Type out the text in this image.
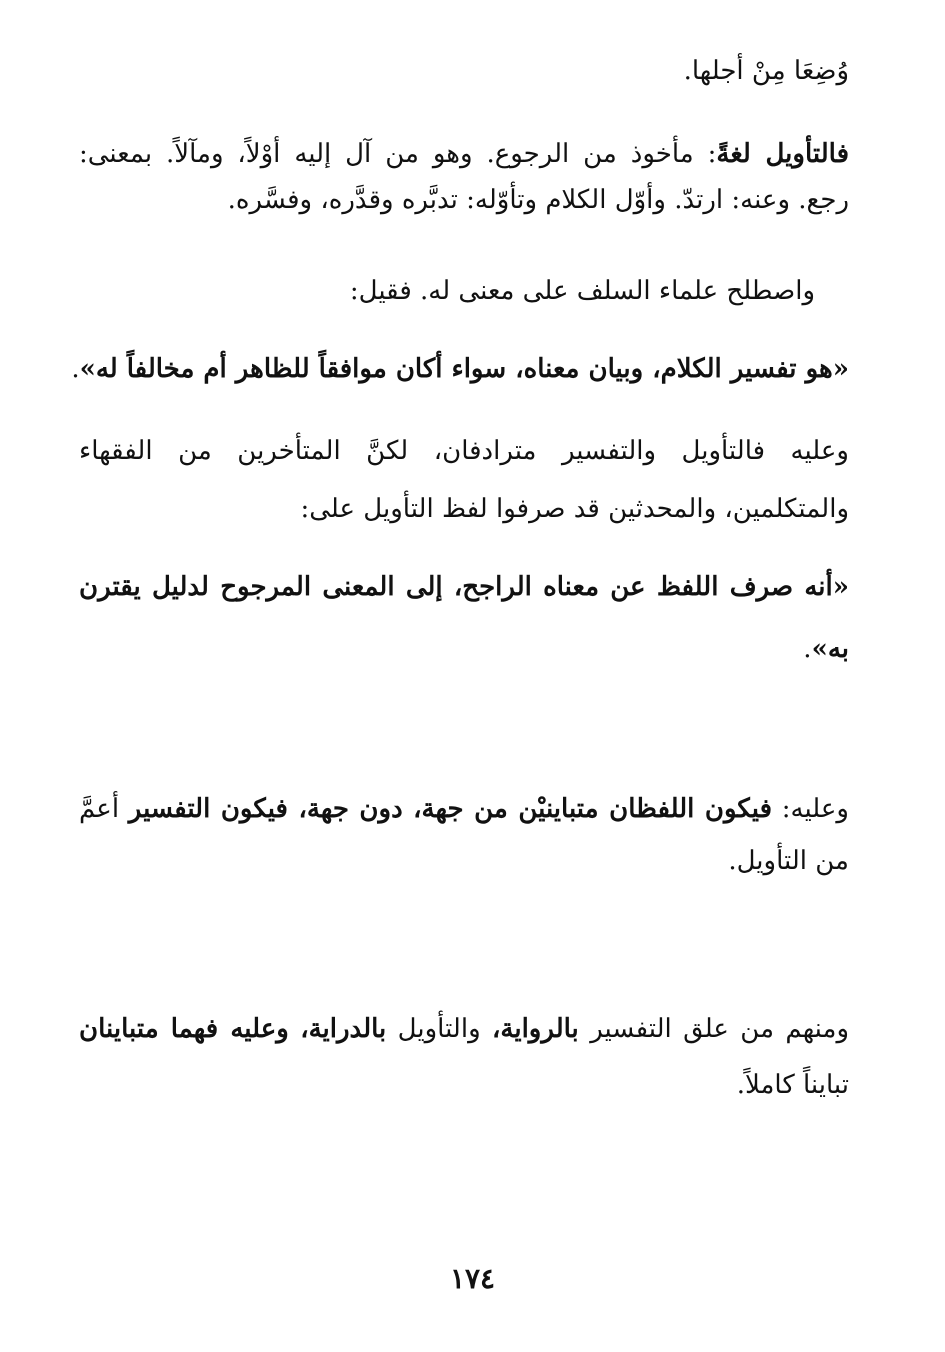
وُضِعَا مِنْ أجلها.

فالتأويل لغةً: مأخوذ من الرجوع. وهو من آل إليه أوْلاً، ومآلاً. بمعنى:
رجع. وعنه: ارتدّ. وأوّل الكلام وتأوّله: تدبَّره وقدَّره، وفسَّره.

واصطلح علماء السلف على معنى له. فقيل:

«هو تفسير الكلام، وبيان معناه، سواء أكان موافقاً للظاهر أم مخالفاً له».

وعليه فالتأويل والتفسير مترادفان، لكنَّ المتأخرين من الفقهاء
والمتكلمين، والمحدثين قد صرفوا لفظ التأويل على:

«أنه صرف اللفظ عن معناه الراجح، إلى المعنى المرجوح لدليل يقترن
به».

وعليه: فيكون اللفظان متباينيْن من جهة، دون جهة، فيكون التفسير أعمَّ
من التأويل.

ومنهم من علق التفسير بالرواية، والتأويل بالدراية، وعليه فهما متباينان
تبايناً كاملاً.

١٧٤
